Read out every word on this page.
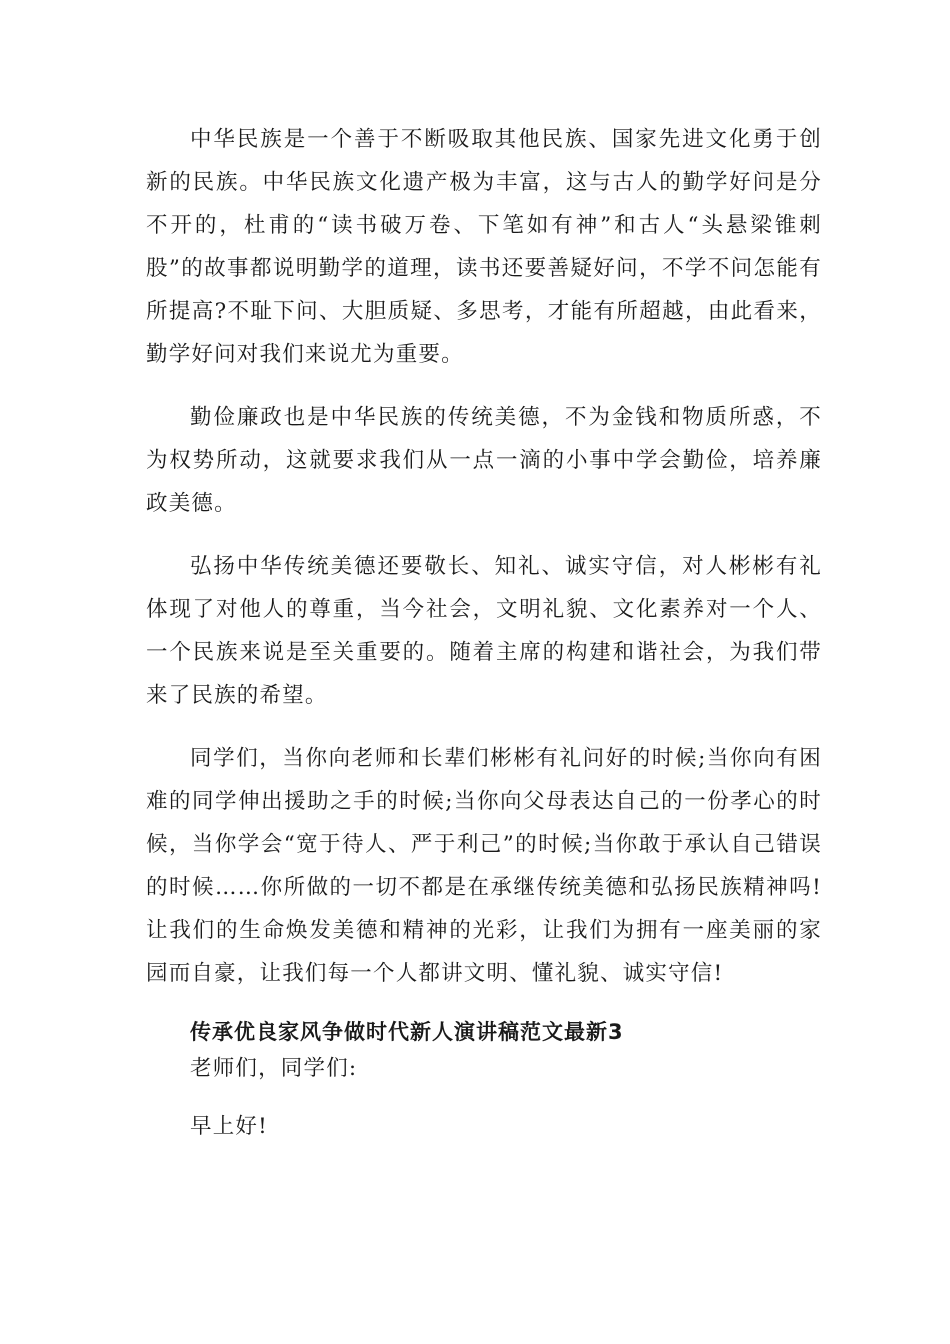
中华民族是一个善于不断吸取其他民族、国家先进文化勇于创新的民族。中华民族文化遗产极为丰富，这与古人的勤学好问是分不开的，杜甫的“读书破万卷、下笔如有神”和古人“头悬梁锥刺股”的故事都说明勤学的道理，读书还要善疑好问，不学不问怎能有所提高?不耻下问、大胆质疑、多思考，才能有所超越，由此看来，勤学好问对我们来说尤为重要。

勤俭廉政也是中华民族的传统美德，不为金钱和物质所惑，不为权势所动，这就要求我们从一点一滴的小事中学会勤俭，培养廉政美德。

弘扬中华传统美德还要敬长、知礼、诚实守信，对人彬彬有礼体现了对他人的尊重，当今社会，文明礼貌、文化素养对一个人、一个民族来说是至关重要的。随着主席的构建和谐社会，为我们带来了民族的希望。

同学们，当你向老师和长辈们彬彬有礼问好的时候;当你向有困难的同学伸出援助之手的时候;当你向父母表达自己的一份孝心的时候，当你学会“宽于待人、严于利己”的时候;当你敢于承认自己错误的时候……你所做的一切不都是在承继传统美德和弘扬民族精神吗!让我们的生命焕发美德和精神的光彩，让我们为拥有一座美丽的家园而自豪，让我们每一个人都讲文明、懂礼貌、诚实守信!

传承优良家风争做时代新人演讲稿范文最新3
老师们，同学们:
早上好!
